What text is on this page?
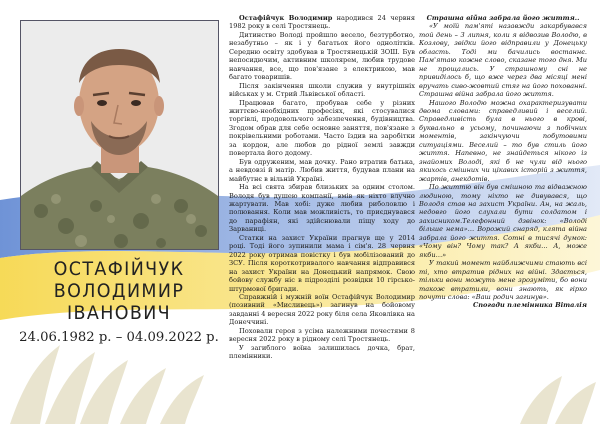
ОСТАФІЙЧУК
ВОЛОДИМИР
ІВАНОВИЧ
24.06.1982 р. – 04.09.2022 р.

Остафійчук Володимир народився 24 червня 1982 року в селі Тростянець.

Дитинство Володі пройшло весело, безтурботно, незабутньо – як і у багатьох його однолітків. Середню освіту здобував в Тростянецькій ЗОШ. Був непосидючим, активним школярем, любив трудове навчання, все, що пов'язане з електрикою, мав багато товаришів.

Після закінчення школи служив у внутрішніх військах у м. Стрий Львівської області.

Працював багато, пробував себе у різних життєво-необхідних професіях, які стосувалися торгівлі, продовольчого забезпечення, будівництва. Згодом обрав для себе основне заняття, пов'язане з покрівельними роботами. Часто їздив на заробітки за кордон, але любов до рідної землі завжди повертала його додому.

Був одруженим, мав дочку. Рано втратив батька, а невдовзі й матір. Любив життя, будував плани на майбутнє в вільній Україні.

На всі свята збирав близьких за одним столом. Володя був душею компанії, вмів як ніхто влучно жартувати. Мав хобі: дуже любив риболовлю і полювання. Коли мав можливість, то приєднувався до парафіян, які здійснювали піщу ходу до Зарваниці.

Статки на захист України прагнув ще у 2014 році. Тоді його зупинили мама і сім'я. 28 червня 2022 року отримав повістку і був мобілізований до ЗСУ. Після короткотривалого навчання відправився на захист України на Донецький напрямок. Свою бойову службу ніс в підрозділі розвідки 10 гірсько-штурмової бригади.

Справжній і мужній воїн Остафійчук Володимир (позивний «Мисливець») загинув на бойовому завданні 4 вересня 2022 року біля села Яковлівка на Донеччині.

Поховали героя з усіма належними почестями 8 вересня 2022 року в рідному селі Тростянець.

У загиблого воїна залишилась дочка, брат, племінники.

Страшна війна забрала його життя..

«У моїй пам'яті назавжди закарбувався той день – 3 липня, коли я відвозив Володю, в Козлову, звідки його відправили у Донецьку область. Тоді ми бачились востаннє. Пам'ятаю кожне слово, сказане того дня. Ми не прощались. У страшному сні не привиділось б, що вже через два місяці мені вручать сиво-жовтий стяг на його похованні. Страшна війна забрала його життя.

Нашого Володю можна охарактеризувати двома словами: справедливий і веселий. Справедливість була в нього в крові, буквально в усьому, починаючи з побічних моментів, закінчуючи побутовими ситуаціями. Веселий – то був стиль його життя. Напевно, не знайдеться нікого із знайомих Володі, які б не чули від нього якихось смішних чи цікавих історій з життя, жартів, анекдотів.

По життю він був смішною та відважною людиною, тому ніхто не дивувався, що Володя став на захист України. Ан, на жаль, недовго його слухали бути солдатом і захисником.Телефонний дзвінок: «Володі більше нема»… Ворожий снаряд, клята війна забрала його життя. Сотні в тисячі думок: «Чому він? Чому так? А якби… А, може якби…»

У такий момент найближчими стають всі ті, хто втратив рідних на війні. Здається, тільки вони можуть мене зрозуміти, бо вони також втратили, вони знають, як гірко почути слова: «Ваш родич загинув».

Спогади племінника Віталія
